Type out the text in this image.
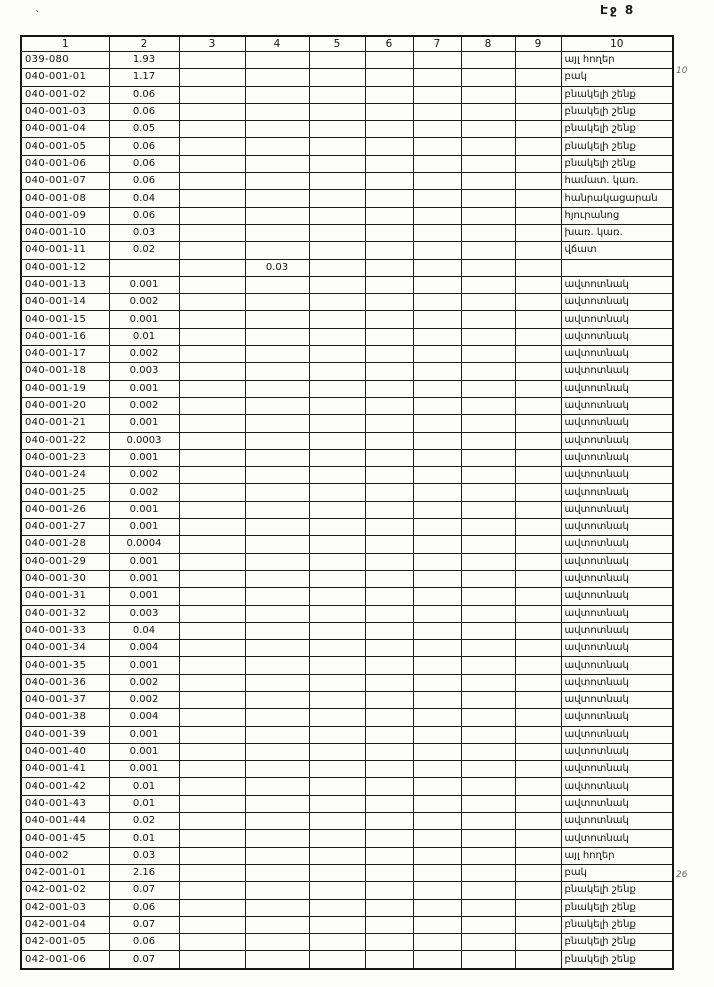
Էջ 8
՝
10
26
1	2	3	4	5	6	7	8	9	10
039-080	1.93								այլ հողեր
040-001-01	1.17								բակ
040-001-02	0.06								բնակելի շենք
040-001-03	0.06								բնակելի շենք
040-001-04	0.05								բնակելի շենք
040-001-05	0.06								բնակելի շենք
040-001-06	0.06								բնակելի շենք
040-001-07	0.06								համատ. կառ.
040-001-08	0.04								հանրակացարան
040-001-09	0.06								հյուրանոց
040-001-10	0.03								խառ. կառ.
040-001-11	0.02								վճատ
040-001-12			0.03						
040-001-13	0.001								ավտոտնակ
040-001-14	0.002								ավտոտնակ
040-001-15	0.001								ավտոտնակ
040-001-16	0.01								ավտոտնակ
040-001-17	0.002								ավտոտնակ
040-001-18	0.003								ավտոտնակ
040-001-19	0.001								ավտոտնակ
040-001-20	0.002								ավտոտնակ
040-001-21	0.001								ավտոտնակ
040-001-22	0.0003								ավտոտնակ
040-001-23	0.001								ավտոտնակ
040-001-24	0.002								ավտոտնակ
040-001-25	0.002								ավտոտնակ
040-001-26	0.001								ավտոտնակ
040-001-27	0.001								ավտոտնակ
040-001-28	0.0004								ավտոտնակ
040-001-29	0.001								ավտոտնակ
040-001-30	0.001								ավտոտնակ
040-001-31	0.001								ավտոտնակ
040-001-32	0.003								ավտոտնակ
040-001-33	0.04								ավտոտնակ
040-001-34	0.004								ավտոտնակ
040-001-35	0.001								ավտոտնակ
040-001-36	0.002								ավտոտնակ
040-001-37	0.002								ավտոտնակ
040-001-38	0.004								ավտոտնակ
040-001-39	0.001								ավտոտնակ
040-001-40	0.001								ավտոտնակ
040-001-41	0.001								ավտոտնակ
040-001-42	0.01								ավտոտնակ
040-001-43	0.01								ավտոտնակ
040-001-44	0.02								ավտոտնակ
040-001-45	0.01								ավտոտնակ
040-002	0.03								այլ հողեր
042-001-01	2.16								բակ
042-001-02	0.07								բնակելի շենք
042-001-03	0.06								բնակելի շենք
042-001-04	0.07								բնակելի շենք
042-001-05	0.06								բնակելի շենք
042-001-06	0.07								բնակելի շենք
